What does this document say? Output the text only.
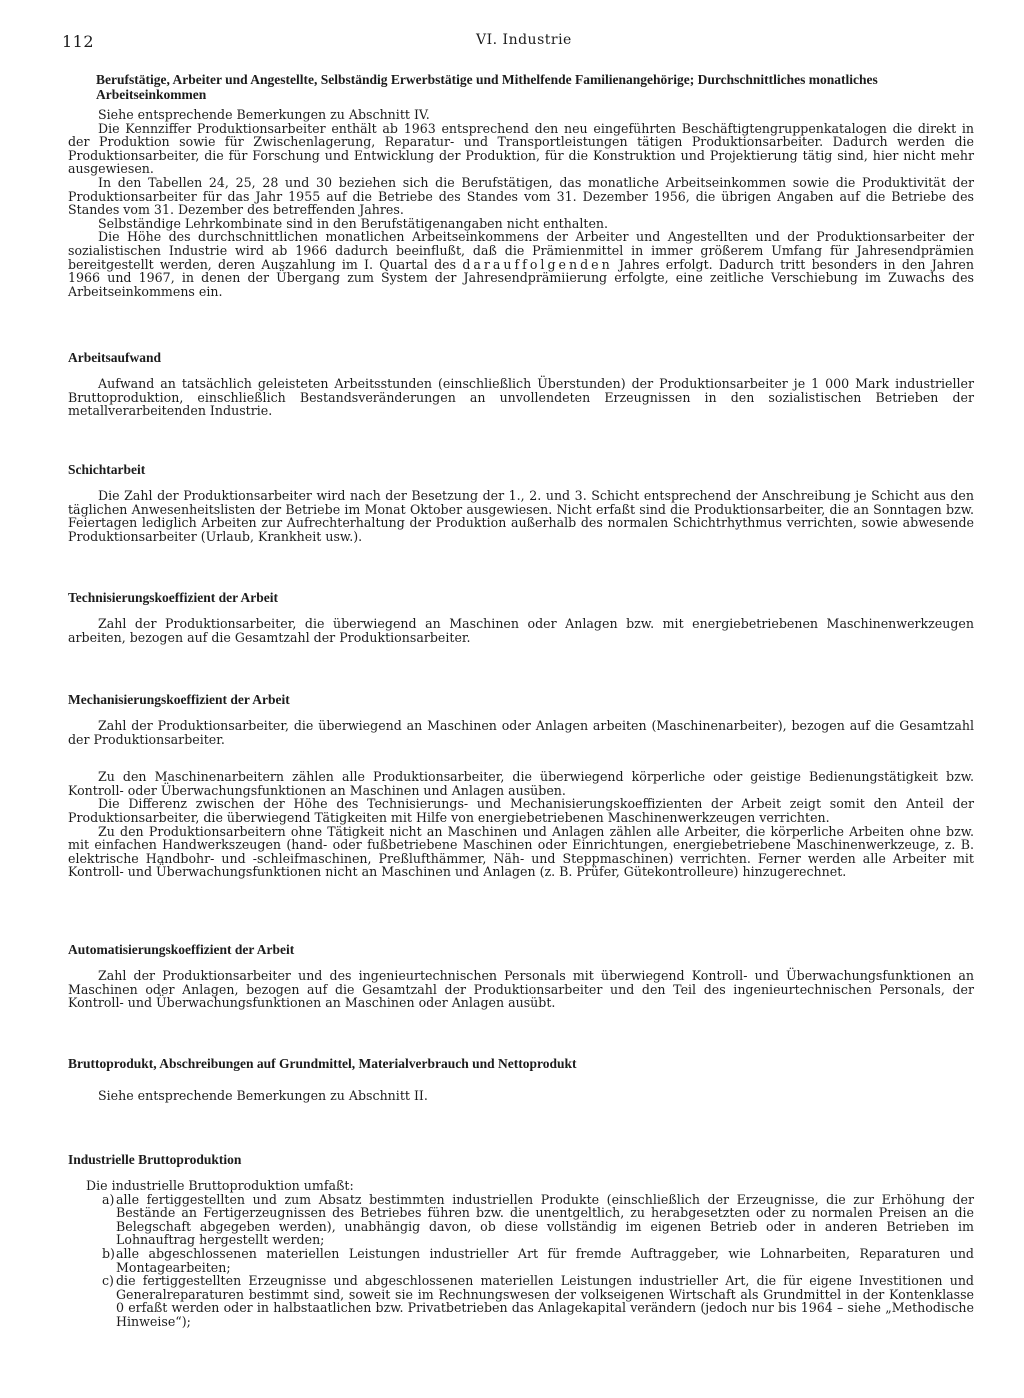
112	VI. Industrie
Berufstätige, Arbeiter und Angestellte, Selbständig Erwerbstätige und Mithelfende Familienangehörige; Durchschnittliches monatliches Arbeitseinkommen

Siehe entsprechende Bemerkungen zu Abschnitt IV.

Die Kennziffer Produktionsarbeiter enthält ab 1963 entsprechend den neu eingeführten Beschäftigtengruppenkatalogen die direkt in der Produktion sowie für Zwischenlagerung, Reparatur- und Transportleistungen tätigen Produktionsarbeiter. Dadurch werden die Produktionsarbeiter, die für Forschung und Entwicklung der Produktion, für die Konstruktion und Projektierung tätig sind, hier nicht mehr ausgewiesen.

In den Tabellen 24, 25, 28 und 30 beziehen sich die Berufstätigen, das monatliche Arbeitseinkommen sowie die Produktivität der Produktionsarbeiter für das Jahr 1955 auf die Betriebe des Standes vom 31. Dezember 1956, die übrigen Angaben auf die Betriebe des Standes vom 31. Dezember des betreffenden Jahres.

Selbständige Lehrkombinate sind in den Berufstätigenangaben nicht enthalten.

Die Höhe des durchschnittlichen monatlichen Arbeitseinkommens der Arbeiter und Angestellten und der Produktionsarbeiter der sozialistischen Industrie wird ab 1966 dadurch beeinflußt, daß die Prämienmittel in immer größerem Umfang für Jahresendprämien bereitgestellt werden, deren Auszahlung im I. Quartal des darauffolgenden Jahres erfolgt. Dadurch tritt besonders in den Jahren 1966 und 1967, in denen der Übergang zum System der Jahresendprämiierung erfolgte, eine zeitliche Verschiebung im Zuwachs des Arbeitseinkommens ein.

Arbeitsaufwand

Aufwand an tatsächlich geleisteten Arbeitsstunden (einschließlich Überstunden) der Produktionsarbeiter je 1 000 Mark industrieller Bruttoproduktion, einschließlich Bestandsveränderungen an unvollendeten Erzeugnissen in den sozialistischen Betrieben der metallverarbeitenden Industrie.

Schichtarbeit

Die Zahl der Produktionsarbeiter wird nach der Besetzung der 1., 2. und 3. Schicht entsprechend der Anschreibung je Schicht aus den täglichen Anwesenheitslisten der Betriebe im Monat Oktober ausgewiesen. Nicht erfaßt sind die Produktionsarbeiter, die an Sonntagen bzw. Feiertagen lediglich Arbeiten zur Aufrechterhaltung der Produktion außerhalb des normalen Schichtrhythmus verrichten, sowie abwesende Produktionsarbeiter (Urlaub, Krankheit usw.).

Technisierungskoeffizient der Arbeit

Zahl der Produktionsarbeiter, die überwiegend an Maschinen oder Anlagen bzw. mit energiebetriebenen Maschinenwerkzeugen arbeiten, bezogen auf die Gesamtzahl der Produktionsarbeiter.

Mechanisierungskoeffizient der Arbeit

Zahl der Produktionsarbeiter, die überwiegend an Maschinen oder Anlagen arbeiten (Maschinenarbeiter), bezogen auf die Gesamtzahl der Produktionsarbeiter.

Zu den Maschinenarbeitern zählen alle Produktionsarbeiter, die überwiegend körperliche oder geistige Bedienungstätigkeit bzw. Kontroll- oder Überwachungsfunktionen an Maschinen und Anlagen ausüben.

Die Differenz zwischen der Höhe des Technisierungs- und Mechanisierungskoeffizienten der Arbeit zeigt somit den Anteil der Produktionsarbeiter, die überwiegend Tätigkeiten mit Hilfe von energiebetriebenen Maschinenwerkzeugen verrichten.

Zu den Produktionsarbeitern ohne Tätigkeit nicht an Maschinen und Anlagen zählen alle Arbeiter, die körperliche Arbeiten ohne bzw. mit einfachen Handwerkszeugen (hand- oder fußbetriebene Maschinen oder Einrichtungen, energiebetriebene Maschinenwerkzeuge, z. B. elektrische Handbohr- und -schleifmaschinen, Preßlufthämmer, Näh- und Steppmaschinen) verrichten. Ferner werden alle Arbeiter mit Kontroll- und Überwachungsfunktionen nicht an Maschinen und Anlagen (z. B. Prüfer, Gütekontrolleure) hinzugerechnet.

Automatisierungskoeffizient der Arbeit

Zahl der Produktionsarbeiter und des ingenieurtechnischen Personals mit überwiegend Kontroll- und Überwachungsfunktionen an Maschinen oder Anlagen, bezogen auf die Gesamtzahl der Produktionsarbeiter und den Teil des ingenieurtechnischen Personals, der Kontroll- und Überwachungsfunktionen an Maschinen oder Anlagen ausübt.

Bruttoprodukt, Abschreibungen auf Grundmittel, Materialverbrauch und Nettoprodukt

Siehe entsprechende Bemerkungen zu Abschnitt II.

Industrielle Bruttoproduktion

Die industrielle Bruttoproduktion umfaßt:

a) alle fertiggestellten und zum Absatz bestimmten industriellen Produkte (einschließlich der Erzeugnisse, die zur Erhöhung der Bestände an Fertigerzeugnissen des Betriebes führen bzw. die unentgeltlich, zu herabgesetzten oder zu normalen Preisen an die Belegschaft abgegeben werden), unabhängig davon, ob diese vollständig im eigenen Betrieb oder in anderen Betrieben im Lohnauftrag hergestellt werden;
b) alle abgeschlossenen materiellen Leistungen industrieller Art für fremde Auftraggeber, wie Lohnarbeiten, Reparaturen und Montagearbeiten;
c) die fertiggestellten Erzeugnisse und abgeschlossenen materiellen Leistungen industrieller Art, die für eigene Investitionen und Generalreparaturen bestimmt sind, soweit sie im Rechnungswesen der volkseigenen Wirtschaft als Grundmittel in der Kontenklasse 0 erfaßt werden oder in halbstaatlichen bzw. Privatbetrieben das Anlagekapital verändern (jedoch nur bis 1964 – siehe „Methodische Hinweise“);
